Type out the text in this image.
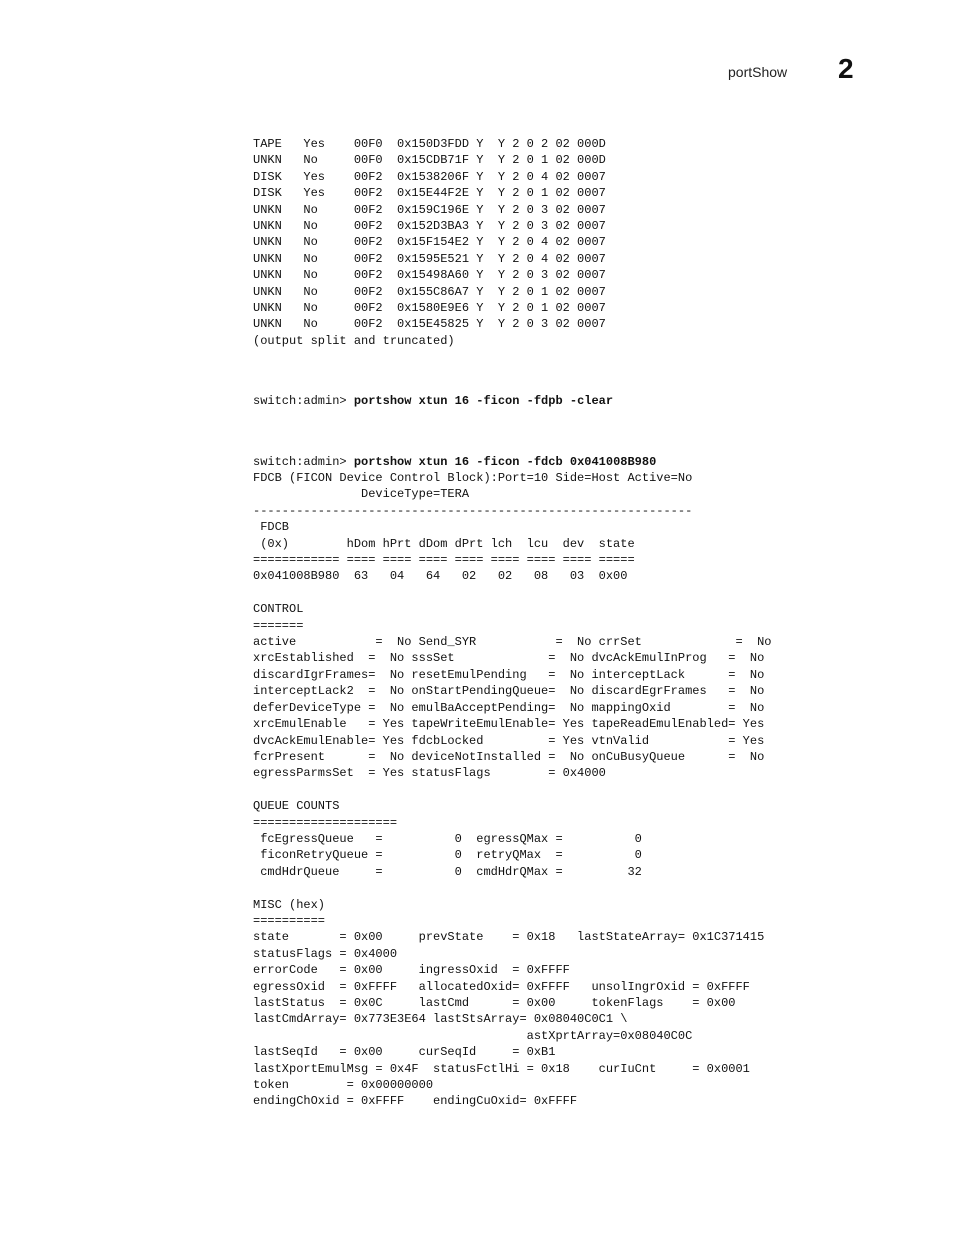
portShow 2
TAPE   Yes    00F0  0x150D3FDD Y  Y 2 0 2 02 000D
UNKN   No     00F0  0x15CDB71F Y  Y 2 0 1 02 000D
DISK   Yes    00F2  0x1538206F Y  Y 2 0 4 02 0007
DISK   Yes    00F2  0x15E44F2E Y  Y 2 0 1 02 0007
UNKN   No     00F2  0x159C196E Y  Y 2 0 3 02 0007
UNKN   No     00F2  0x152D3BA3 Y  Y 2 0 3 02 0007
UNKN   No     00F2  0x15F154E2 Y  Y 2 0 4 02 0007
UNKN   No     00F2  0x1595E521 Y  Y 2 0 4 02 0007
UNKN   No     00F2  0x15498A60 Y  Y 2 0 3 02 0007
UNKN   No     00F2  0x155C86A7 Y  Y 2 0 1 02 0007
UNKN   No     00F2  0x1580E9E6 Y  Y 2 0 1 02 0007
UNKN   No     00F2  0x15E45825 Y  Y 2 0 3 02 0007
(output split and truncated)
switch:admin> portshow xtun 16 -ficon -fdpb -clear
switch:admin> portshow xtun 16 -ficon -fdcb 0x041008B980
FDCB (FICON Device Control Block):Port=10 Side=Host Active=No
DeviceType=TERA
-------------------------------------------------------------
FDCB
(0x)        hDom hPrt dDom dPrt lch  lcu  dev  state
============ ==== ==== ==== ==== ==== ==== ==== =====
0x041008B980  63   04   64   02   02   08   03  0x00

CONTROL
=======
active           =  No Send_SYR           =  No crrSet             =  No
xrcEstablished  =  No sssSet             =  No dvcAckEmulInProg   =  No
discardIgrFrames=  No resetEmulPending   =  No interceptLack      =  No
interceptLack2  =  No onStartPendingQueue=  No discardEgrFrames   =  No
deferDeviceType =  No emulBaAcceptPending=  No mappingOxid        =  No
xrcEmulEnable   = Yes tapeWriteEmulEnable= Yes tapeReadEmulEnabled= Yes
dvcAckEmulEnable= Yes fdcbLocked         = Yes vtnValid           = Yes
fcrPresent      =  No deviceNotInstalled =  No onCuBusyQueue      =  No
egressParmsSet  = Yes statusFlags        = 0x4000

QUEUE COUNTS
====================
fcEgressQueue   =          0  egressQMax =          0
ficonRetryQueue =          0  retryQMax  =          0
cmdHdrQueue     =          0  cmdHdrQMax =         32

MISC (hex)
==========
state       = 0x00     prevState    = 0x18   lastStateArray= 0x1C371415
statusFlags = 0x4000
errorCode   = 0x00     ingressOxid  = 0xFFFF
egressOxid  = 0xFFFF   allocatedOxid= 0xFFFF   unsolIngrOxid = 0xFFFF
lastStatus  = 0x0C     lastCmd      = 0x00     tokenFlags    = 0x00
lastCmdArray= 0x773E3E64 lastStsArray= 0x08040C0C1 \
astXprtArray=0x08040C0C
lastSeqId   = 0x00     curSeqId     = 0xB1
lastXportEmulMsg = 0x4F  statusFctlHi = 0x18    curIuCnt     = 0x0001
token        = 0x00000000
endingChOxid = 0xFFFF    endingCuOxid= 0xFFFF
